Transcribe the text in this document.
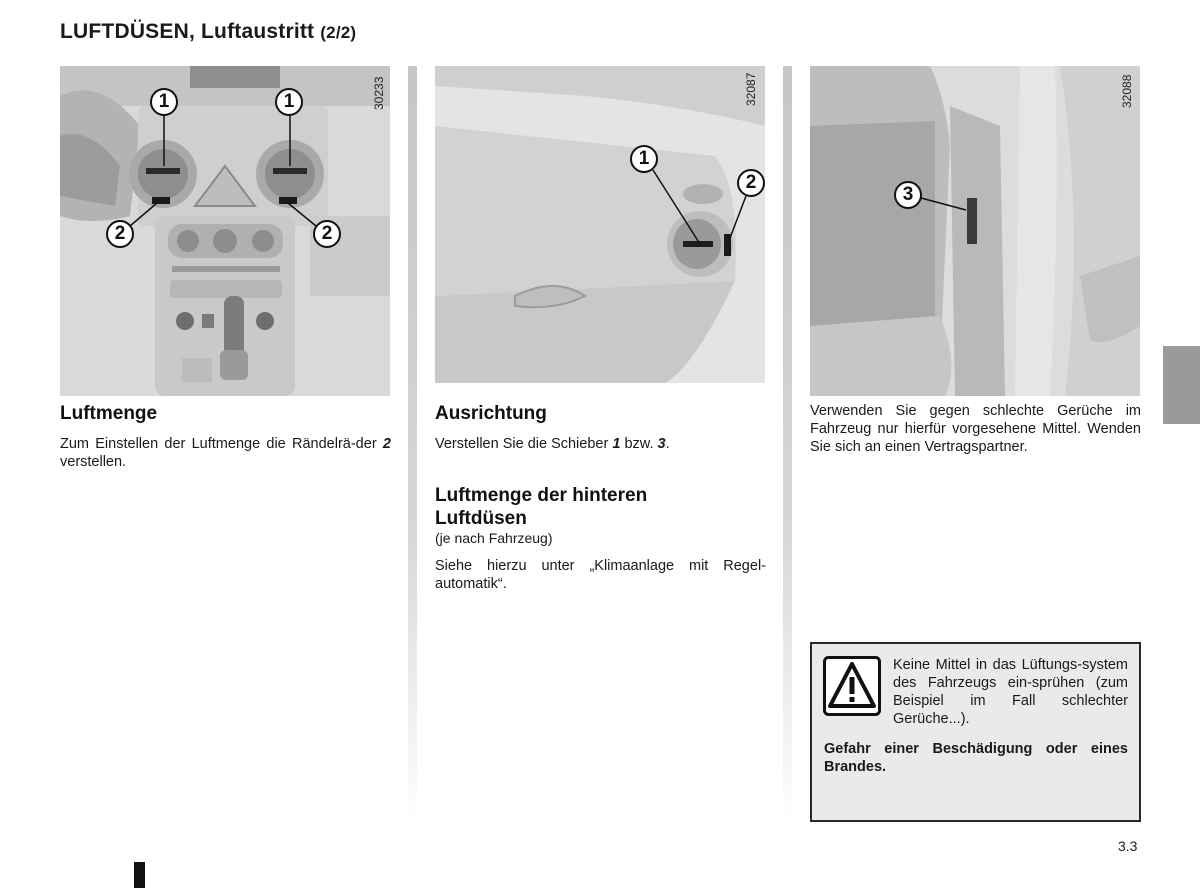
LUFTDÜSEN, Luftaustritt (2/2)
30233
1	1
2	2
32087
1
2
32088
3
Luftmenge

Zum Einstellen der Luftmenge die Rändelrä-der 2 verstellen.

Ausrichtung

Verstellen Sie die Schieber 1 bzw. 3.

Luftmenge der hinteren
Luftdüsen
(je nach Fahrzeug)

Siehe hierzu unter „Klimaanlage mit Regel-automatik“.

Verwenden Sie gegen schlechte Gerüche im Fahrzeug nur hierfür vorgesehene Mittel. Wenden Sie sich an einen Vertragspartner.

Keine Mittel in das Lüftungs-system des Fahrzeugs ein-sprühen (zum Beispiel im Fall schlechter Gerüche...).
Gefahr einer Beschädigung oder eines Brandes.
3.3
